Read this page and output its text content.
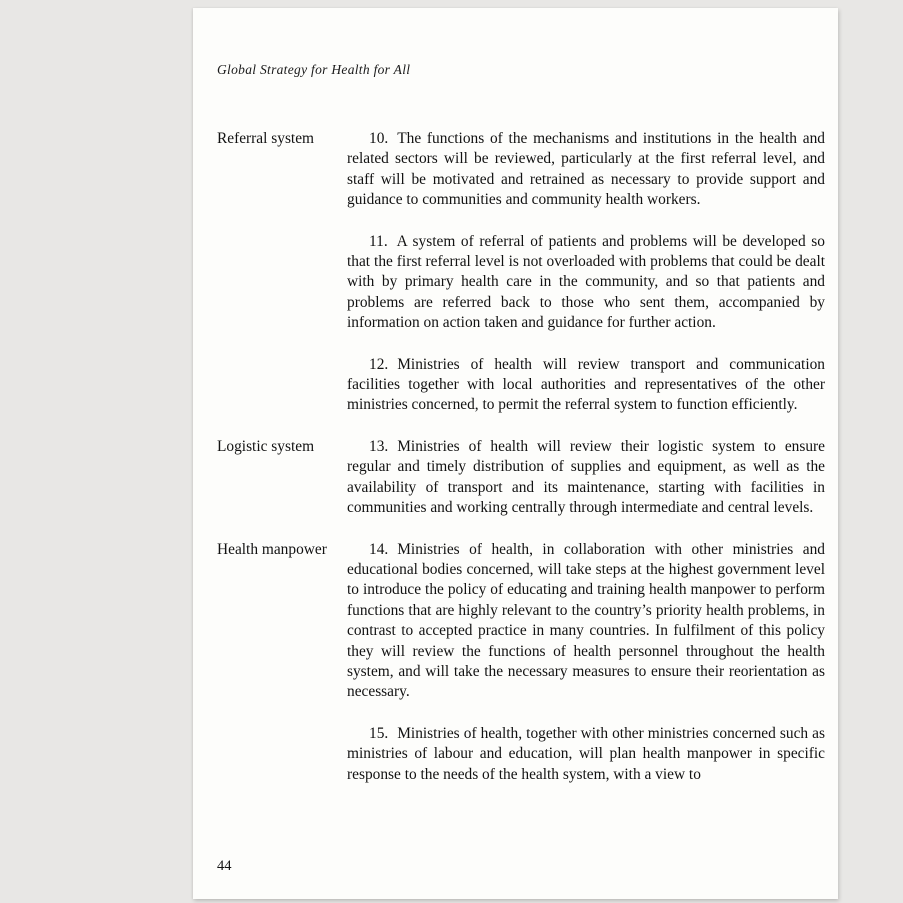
Global Strategy for Health for All
Referral system	10. The functions of the mechanisms and institutions in the health and related sectors will be reviewed, particularly at the first referral level, and staff will be motivated and retrained as necessary to provide support and guidance to communities and community health workers.

11. A system of referral of patients and problems will be developed so that the first referral level is not overloaded with problems that could be dealt with by primary health care in the community, and so that patients and problems are referred back to those who sent them, accompanied by information on action taken and guidance for further action.

12. Ministries of health will review transport and communication facilities together with local authorities and representatives of the other ministries concerned, to permit the referral system to function efficiently.

Logistic system	13. Ministries of health will review their logistic system to ensure regular and timely distribution of supplies and equipment, as well as the availability of transport and its maintenance, starting with facilities in communities and working centrally through intermediate and central levels.

Health manpower	14. Ministries of health, in collaboration with other ministries and educational bodies concerned, will take steps at the highest government level to introduce the policy of educating and training health manpower to perform functions that are highly relevant to the country’s priority health problems, in contrast to accepted practice in many countries. In fulfilment of this policy they will review the functions of health personnel throughout the health system, and will take the necessary measures to ensure their reorientation as necessary.

15. Ministries of health, together with other ministries concerned such as ministries of labour and education, will plan health manpower in specific response to the needs of the health system, with a view to

44
